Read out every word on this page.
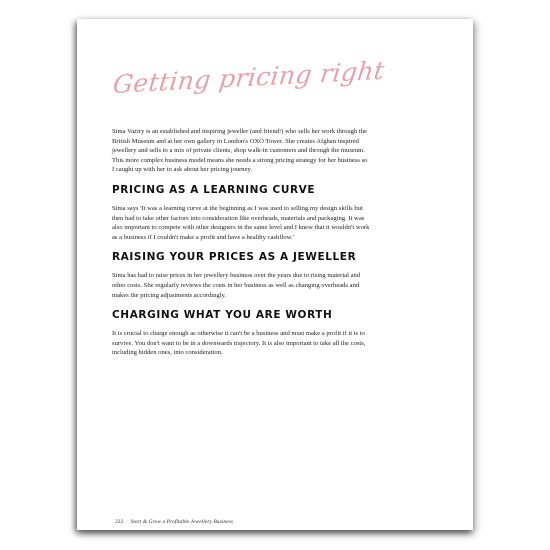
Getting pricing right

Sima Vaziry is an established and inspiring jeweller (and friend!) who sells her work through the British Museum and at her own gallery in London's OXO Tower. She creates Afghan inspired jewellery and sells to a mix of private clients, shop walk-in customers and through the museum. This more complex business model means she needs a strong pricing strategy for her business so I caught up with her to ask about her pricing journey.

PRICING AS A LEARNING CURVE

Sima says 'It was a learning curve at the beginning as I was used to selling my design skills but then had to take other factors into consideration like overheads, materials and packaging. It was also important to compete with other designers in the same level and I knew that it wouldn't work as a business if I couldn't make a profit and have a healthy cashflow.'

RAISING YOUR PRICES AS A JEWELLER

Sima has had to raise prices in her jewellery business over the years due to rising material and other costs. She regularly reviews the costs in her business as well as changing overheads and makes the pricing adjustments accordingly.

CHARGING WHAT YOU ARE WORTH

It is crucial to charge enough as otherwise it can't be a business and must make a profit if it is to survive. You don't want to be in a downwards trajectory. It is also important to take all the costs, including hidden ones, into consideration.

222 | Start & Grow a Profitable Jewellery Business
